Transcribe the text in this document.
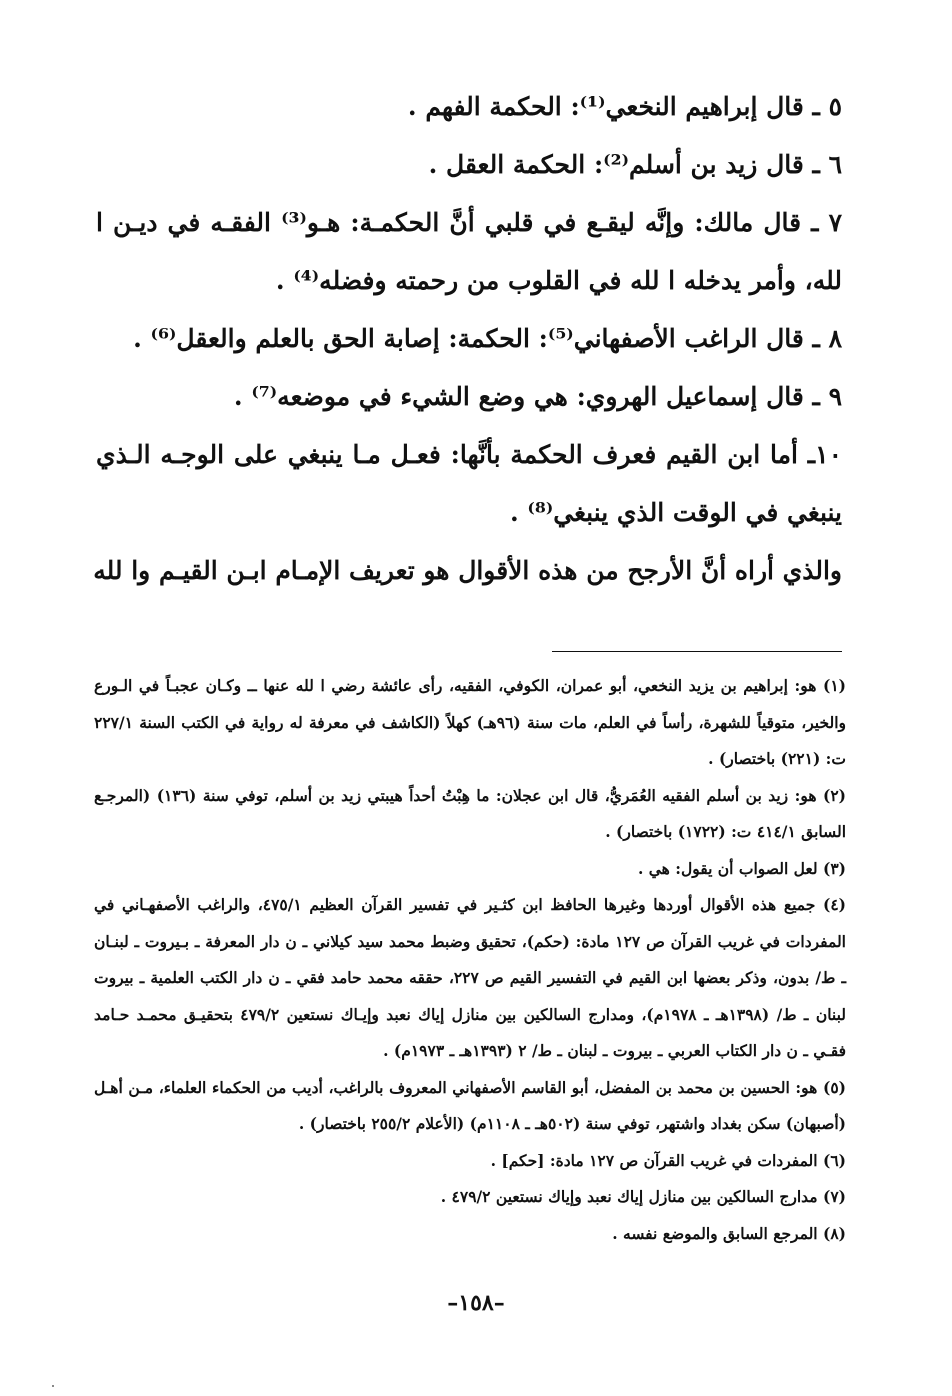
٥ ـ قال إبراهيم النخعي⁽¹⁾: الحكمة الفهم .

٦ ـ قال زيد بن أسلم⁽²⁾: الحكمة العقل .

٧ ـ قال مالك: وإنَّه ليقـع في قلبي أنَّ الحكمـة: هـو⁽³⁾ الفقـه في ديـن ا لله، وأمر يدخله ا لله في القلوب من رحمته وفضله⁽⁴⁾ .

٨ ـ قال الراغب الأصفهاني⁽⁵⁾: الحكمة: إصابة الحق بالعلم والعقل⁽⁶⁾ .

٩ ـ قال إسماعيل الهروي: هي وضع الشيء في موضعه⁽⁷⁾ .

١٠ـ أما ابن القيم فعرف الحكمة بأنَّها: فعـل مـا ينبغي على الوجـه الـذي ينبغي في الوقت الذي ينبغي⁽⁸⁾ .

والذي أراه أنَّ الأرجح من هذه الأقوال هو تعريف الإمـام ابـن القيـم وا لله

(١) هو: إبراهيم بن يزيد النخعي، أبو عمران، الكوفي، الفقيه، رأى عائشة رضي ا لله عنها ــ وكـان عجبـاً في الـورع والخير، متوقياً للشهرة، رأساً في العلم، مات سنة (٩٦هـ) كهلاً (الكاشف في معرفة له رواية في الكتب السنة ٢٢٧/١ ت: (٢٢١) باختصار) .

(٢) هو: زيد بن أسلم الفقيه العُمَريُّ، قال ابن عجلان: ما هِبْتُ أحداً هيبتي زيد بن أسلم، توفي سنة (١٣٦) (المرجـع السابق ٤١٤/١ ت: (١٧٢٢) باختصار) .

(٣) لعل الصواب أن يقول: هي .

(٤) جميع هذه الأقوال أوردها وغيرها الحافظ ابن كثـير في تفسير القرآن العظيم ٤٧٥/١، والراغب الأصفهـاني في المفردات في غريب القرآن ص ١٢٧ مادة: (حكم)، تحقيق وضبط محمد سيد كيلاني ـ ن دار المعرفة ـ بـيروت ـ لبنـان ـ ط/ بدون، وذكر بعضها ابن القيم في التفسير القيم ص ٢٢٧، حققه محمد حامد فقي ـ ن دار الكتب العلمية ـ بيروت لبنان ـ ط/ (١٣٩٨هـ ـ ١٩٧٨م)، ومدارج السالكين بين منازل إياك نعبد وإيـاك نستعين ٤٧٩/٢ بتحقيـق محمـد حـامد فقـي ـ ن دار الكتاب العربي ـ بيروت ـ لبنان ـ ط/ ٢ (١٣٩٣هـ ـ ١٩٧٣م) .

(٥) هو: الحسين بن محمد بن المفضل، أبو القاسم الأصفهاني المعروف بالراغب، أديب من الحكماء العلماء، مـن أهـل (أصبهان) سكن بغداد واشتهر، توفي سنة (٥٠٢هـ ـ ١١٠٨م) (الأعلام ٢٥٥/٢ باختصار) .

(٦) المفردات في غريب القرآن ص ١٢٧ مادة: [حكم] .

(٧) مدارج السالكين بين منازل إياك نعبد وإياك نستعين ٤٧٩/٢ .

(٨) المرجع السابق والموضع نفسه .

–١٥٨–
